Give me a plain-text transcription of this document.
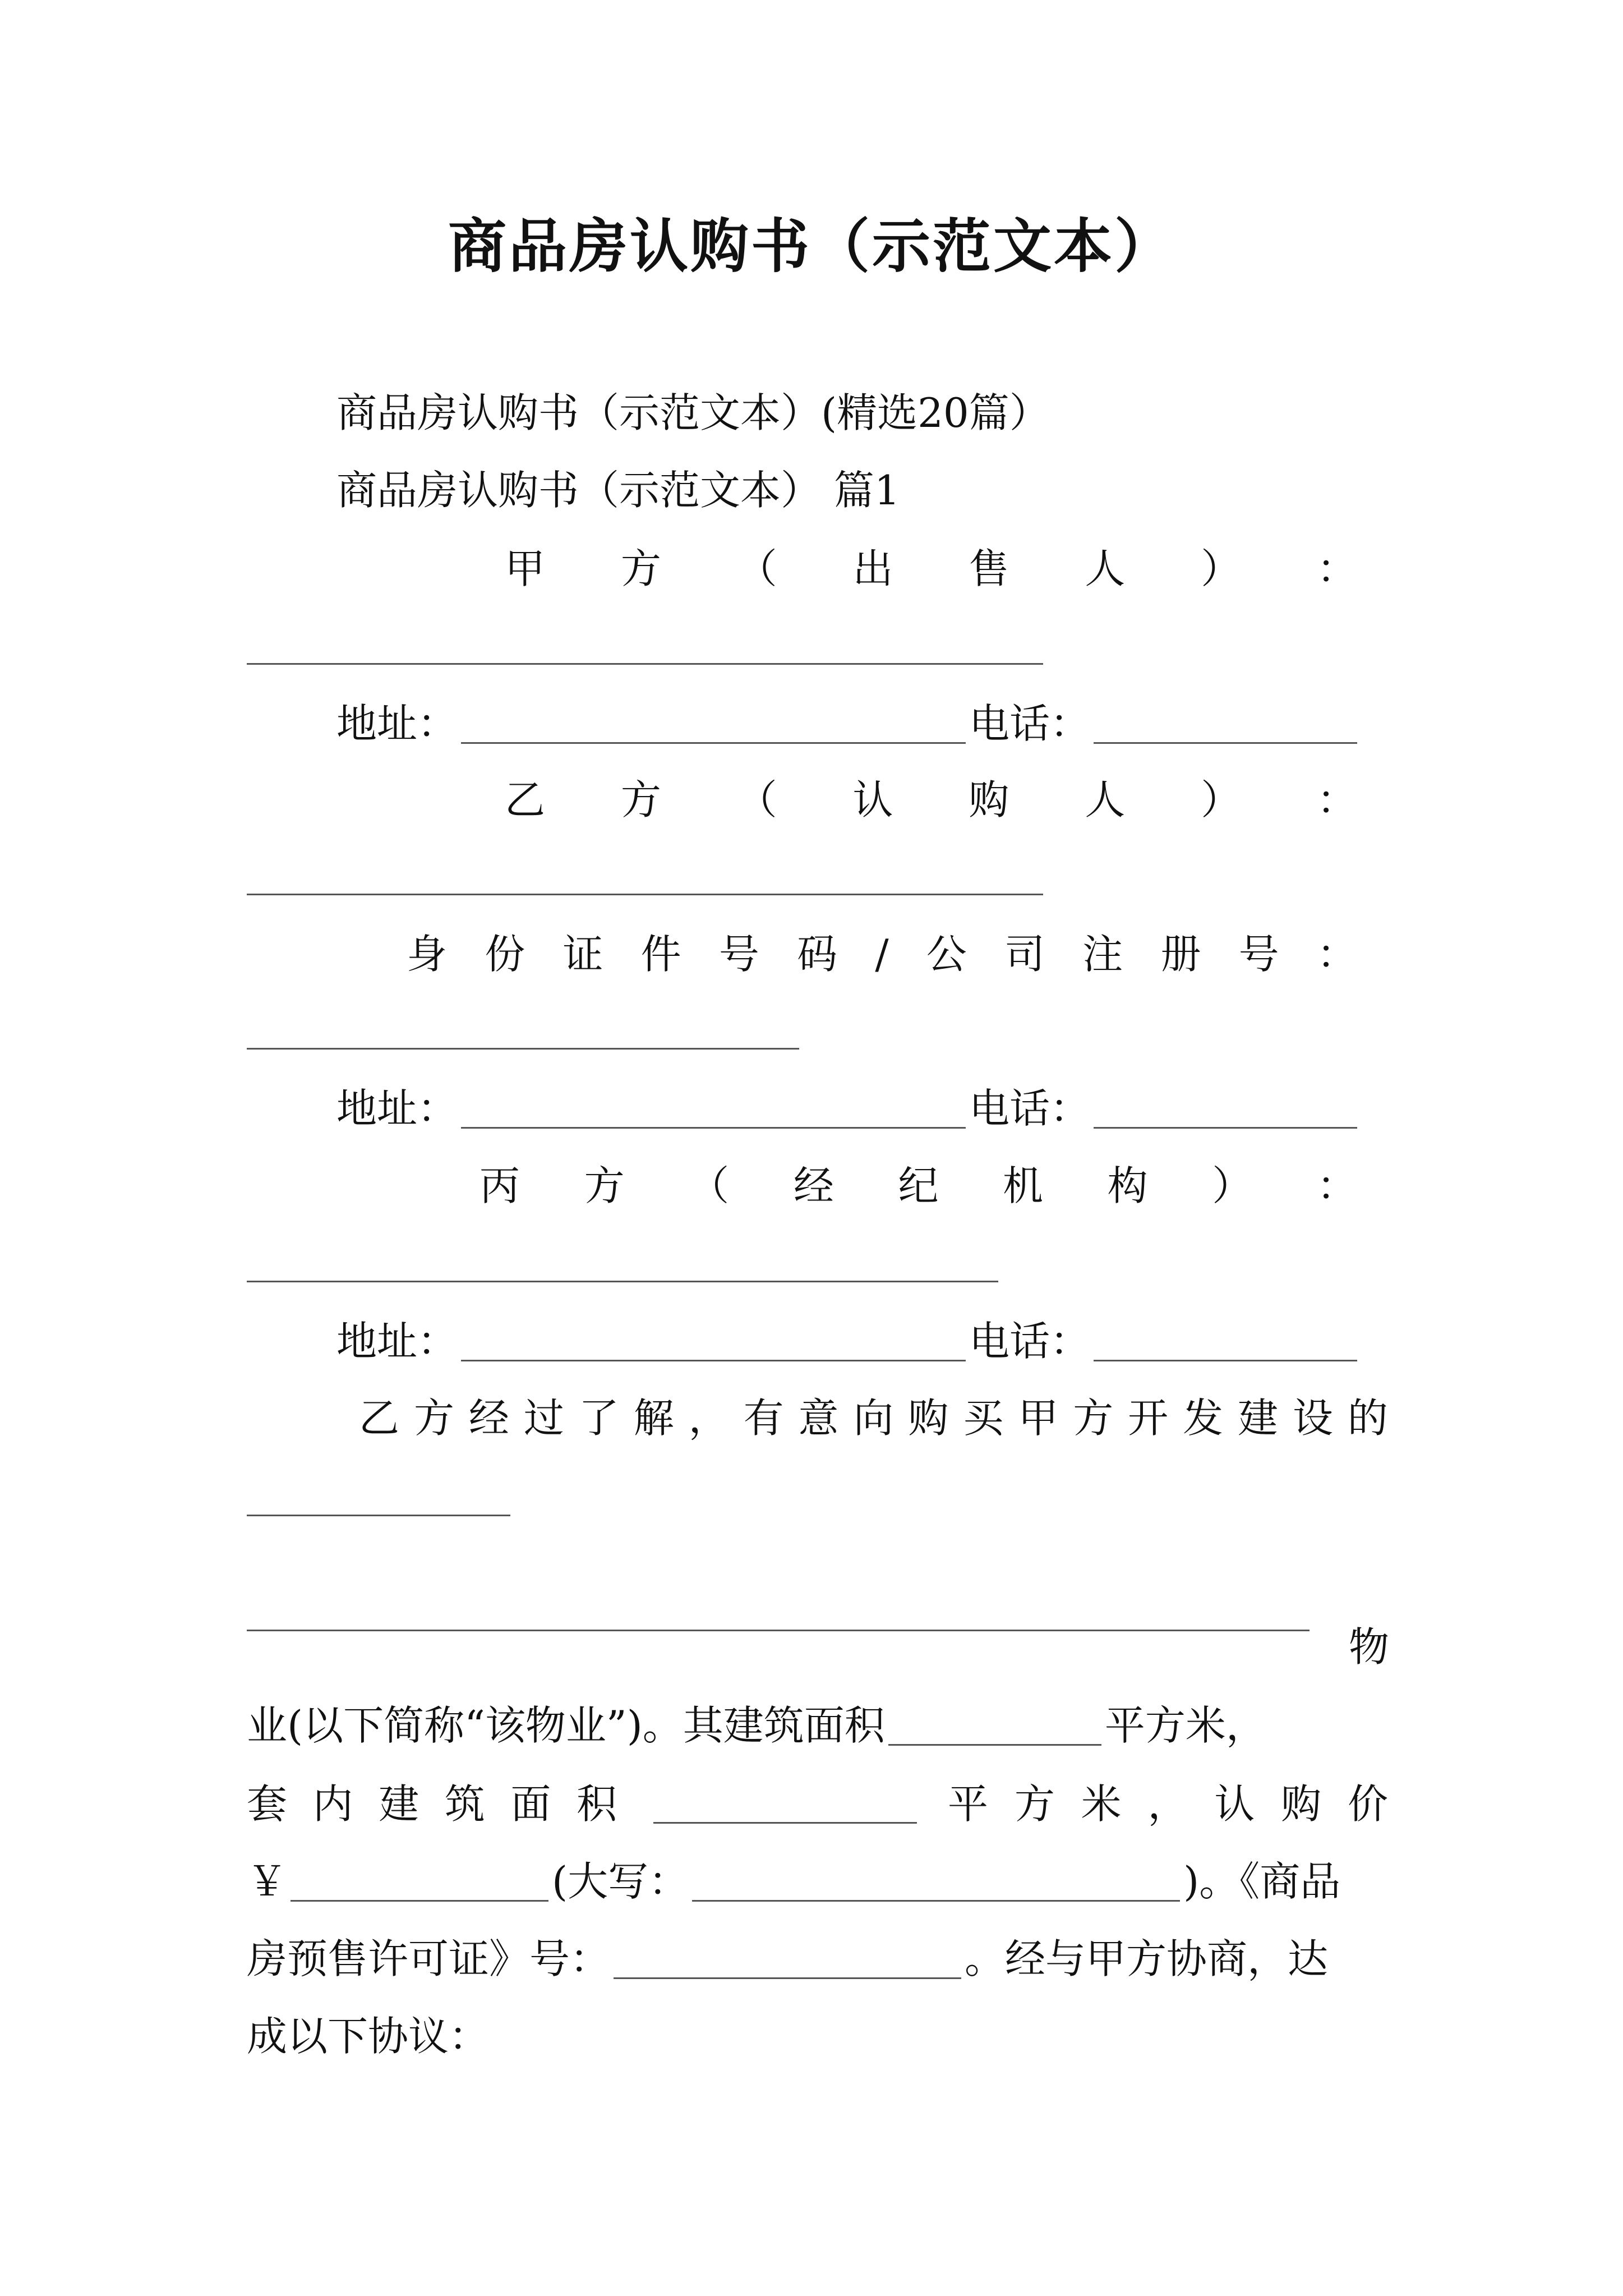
商品房认购书（示范文本）
商品房认购书（示范文本）(精选20篇）
商品房认购书（示范文本） 篇1
甲 方 （ 出 售 人 ） ：
地址：	电话：
乙 方 （ 认 购 人 ） ：
身 份 证 件 号 码 / 公 司 注 册 号 ：
地址：	电话：
丙 方 （ 经 纪 机 构 ） ：
地址：	电话：
乙 方 经 过 了 解 ， 有 意 向 购 买 甲 方 开 发 建 设 的
物
业(以下简称“该物业”)。其建筑面积	平方米，
套 内 建 筑 面 积	平 方 米 ， 认 购 价
￥	(大写：	)。《商品
房预售许可证》号：	。经与甲方协商，达
成以下协议：
